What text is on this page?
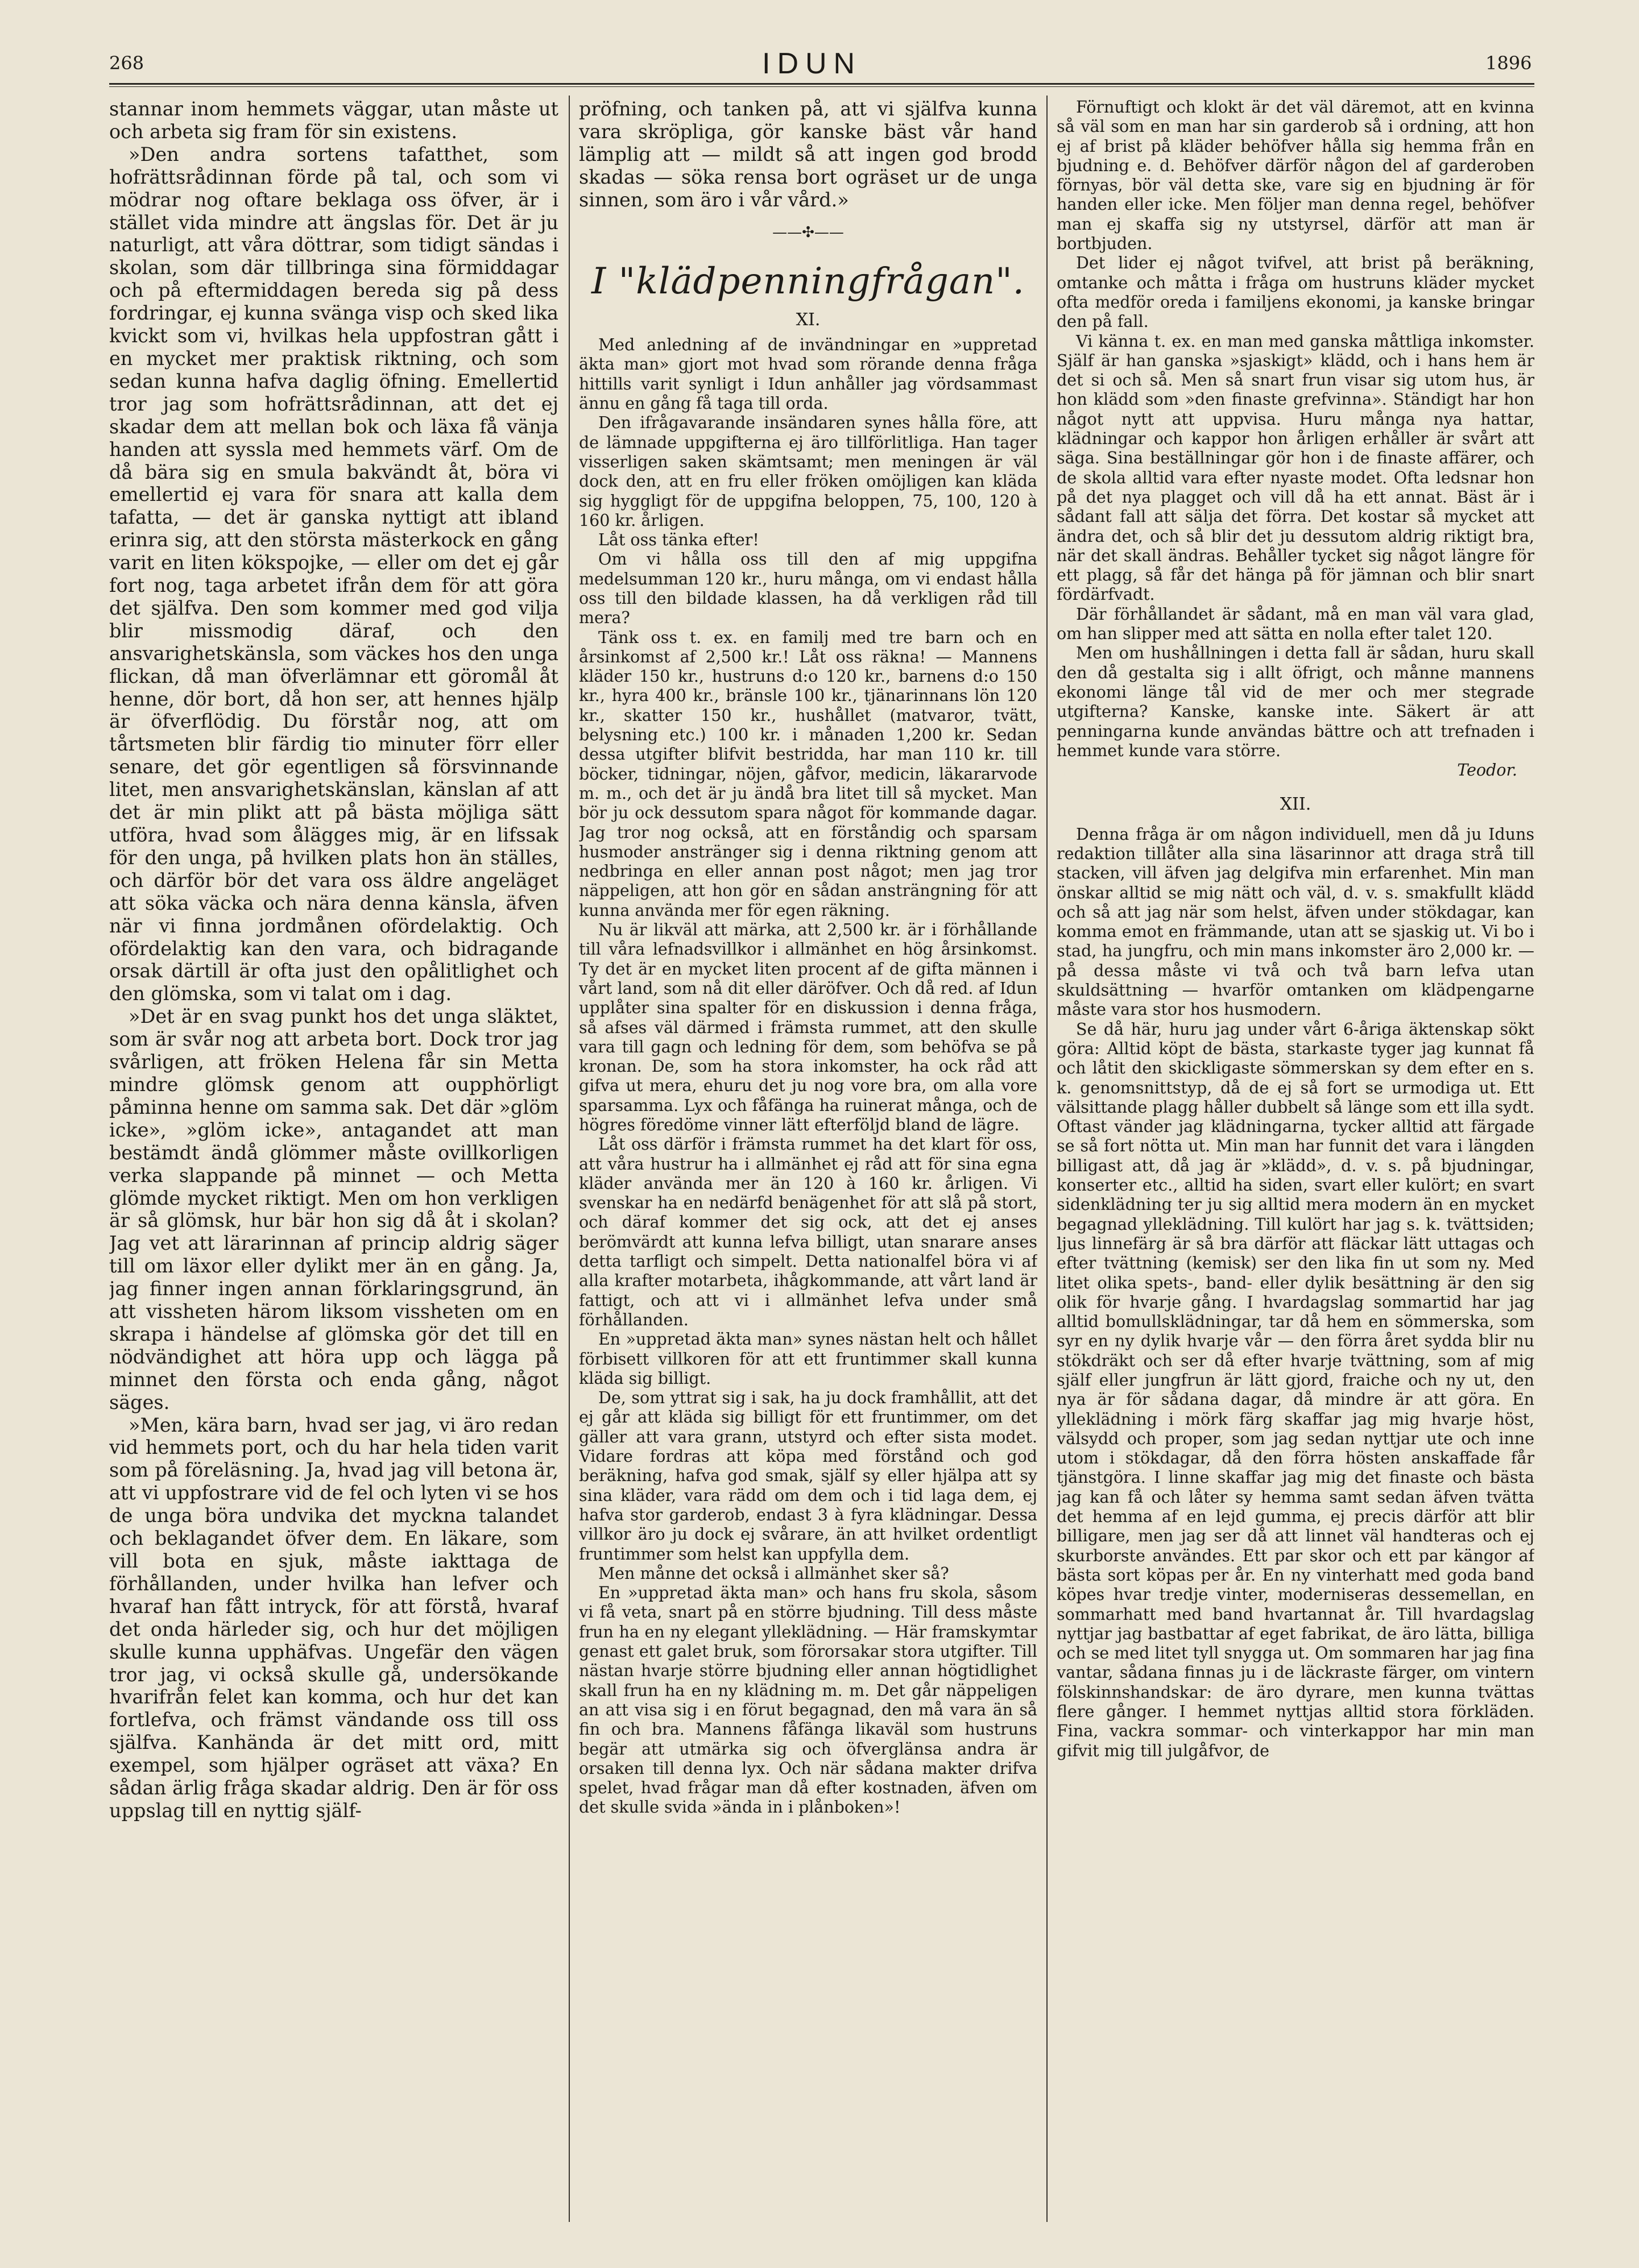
268	IDUN	1896

stannar inom hemmets väggar, utan måste ut och arbeta sig fram för sin existens.

»Den andra sortens tafatthet, som hofrättsrådinnan förde på tal, och som vi mödrar nog oftare beklaga oss öfver, är i stället vida mindre att ängslas för. Det är ju naturligt, att våra döttrar, som tidigt sändas i skolan, som där tillbringa sina förmiddagar och på eftermiddagen bereda sig på dess fordringar, ej kunna svänga visp och sked lika kvickt som vi, hvilkas hela uppfostran gått i en mycket mer praktisk riktning, och som sedan kunna hafva daglig öfning. Emellertid tror jag som hofrättsrådinnan, att det ej skadar dem att mellan bok och läxa få vänja handen att syssla med hemmets värf. Om de då bära sig en smula bakvändt åt, böra vi emellertid ej vara för snara att kalla dem tafatta, — det är ganska nyttigt att ibland erinra sig, att den största mästerkock en gång varit en liten kökspojke, — eller om det ej går fort nog, taga arbetet ifrån dem för att göra det själfva. Den som kommer med god vilja blir missmodig däraf, och den ansvarighetskänsla, som väckes hos den unga flickan, då man öfverlämnar ett göromål åt henne, dör bort, då hon ser, att hennes hjälp är öfverflödig. Du förstår nog, att om tårtsmeten blir färdig tio minuter förr eller senare, det gör egentligen så försvinnande litet, men ansvarighetskänslan, känslan af att det är min plikt att på bästa möjliga sätt utföra, hvad som ålägges mig, är en lifssak för den unga, på hvilken plats hon än ställes, och därför bör det vara oss äldre angeläget att söka väcka och nära denna känsla, äfven när vi finna jordmånen ofördelaktig. Och ofördelaktig kan den vara, och bidragande orsak därtill är ofta just den opålitlighet och den glömska, som vi talat om i dag.

»Det är en svag punkt hos det unga släktet, som är svår nog att arbeta bort. Dock tror jag svårligen, att fröken Helena får sin Metta mindre glömsk genom att oupphörligt påminna henne om samma sak. Det där »glöm icke», »glöm icke», antagandet att man bestämdt ändå glömmer måste ovillkorligen verka slappande på minnet — och Metta glömde mycket riktigt. Men om hon verkligen är så glömsk, hur bär hon sig då åt i skolan? Jag vet att lärarinnan af princip aldrig säger till om läxor eller dylikt mer än en gång. Ja, jag finner ingen annan förklaringsgrund, än att vissheten härom liksom vissheten om en skrapa i händelse af glömska gör det till en nödvändighet att höra upp och lägga på minnet den första och enda gång, något säges.

»Men, kära barn, hvad ser jag, vi äro redan vid hemmets port, och du har hela tiden varit som på föreläsning. Ja, hvad jag vill betona är, att vi uppfostrare vid de fel och lyten vi se hos de unga böra undvika det myckna talandet och beklagandet öfver dem. En läkare, som vill bota en sjuk, måste iakttaga de förhållanden, under hvilka han lefver och hvaraf han fått intryck, för att förstå, hvaraf det onda härleder sig, och hur det möjligen skulle kunna upphäfvas. Ungefär den vägen tror jag, vi också skulle gå, undersökande hvarifrån felet kan komma, och hur det kan fortlefva, och främst vändande oss till oss själfva. Kanhända är det mitt ord, mitt exempel, som hjälper ogräset att växa? En sådan ärlig fråga skadar aldrig. Den är för oss uppslag till en nyttig själf-

pröfning, och tanken på, att vi själfva kunna vara skröpliga, gör kanske bäst vår hand lämplig att — mildt så att ingen god brodd skadas — söka rensa bort ogräset ur de unga sinnen, som äro i vår vård.»

——✣——
I "klädpenningfrågan".
XI.

Med anledning af de invändningar en »uppretad äkta man» gjort mot hvad som rörande denna fråga hittills varit synligt i Idun anhåller jag vördsammast ännu en gång få taga till orda.

Den ifrågavarande insändaren synes hålla före, att de lämnade uppgifterna ej äro tillförlitliga. Han tager visserligen saken skämtsamt; men meningen är väl dock den, att en fru eller fröken omöjligen kan kläda sig hyggligt för de uppgifna beloppen, 75, 100, 120 à 160 kr. årligen.

Låt oss tänka efter!

Om vi hålla oss till den af mig uppgifna medelsumman 120 kr., huru många, om vi endast hålla oss till den bildade klassen, ha då verkligen råd till mera?

Tänk oss t. ex. en familj med tre barn och en årsinkomst af 2,500 kr.! Låt oss räkna! — Mannens kläder 150 kr., hustruns d:o 120 kr., barnens d:o 150 kr., hyra 400 kr., bränsle 100 kr., tjänarinnans lön 120 kr., skatter 150 kr., hushållet (matvaror, tvätt, belysning etc.) 100 kr. i månaden 1,200 kr. Sedan dessa utgifter blifvit bestridda, har man 110 kr. till böcker, tidningar, nöjen, gåfvor, medicin, läkararvode m. m., och det är ju ändå bra litet till så mycket. Man bör ju ock dessutom spara något för kommande dagar. Jag tror nog också, att en förståndig och sparsam husmoder anstränger sig i denna riktning genom att nedbringa en eller annan post något; men jag tror näppeligen, att hon gör en sådan ansträngning för att kunna använda mer för egen räkning.

Nu är likväl att märka, att 2,500 kr. är i förhållande till våra lefnadsvillkor i allmänhet en hög årsinkomst. Ty det är en mycket liten procent af de gifta männen i vårt land, som nå dit eller däröfver. Och då red. af Idun upplåter sina spalter för en diskussion i denna fråga, så afses väl därmed i främsta rummet, att den skulle vara till gagn och ledning för dem, som behöfva se på kronan. De, som ha stora inkomster, ha ock råd att gifva ut mera, ehuru det ju nog vore bra, om alla vore sparsamma. Lyx och fåfänga ha ruinerat många, och de högres föredöme vinner lätt efterföljd bland de lägre.

Låt oss därför i främsta rummet ha det klart för oss, att våra hustrur ha i allmänhet ej råd att för sina egna kläder använda mer än 120 à 160 kr. årligen. Vi svenskar ha en nedärfd benägenhet för att slå på stort, och däraf kommer det sig ock, att det ej anses berömvärdt att kunna lefva billigt, utan snarare anses detta tarfligt och simpelt. Detta nationalfel böra vi af alla krafter motarbeta, ihågkommande, att vårt land är fattigt, och att vi i allmänhet lefva under små förhållanden.

En »uppretad äkta man» synes nästan helt och hållet förbisett villkoren för att ett fruntimmer skall kunna kläda sig billigt.

De, som yttrat sig i sak, ha ju dock framhållit, att det ej går att kläda sig billigt för ett fruntimmer, om det gäller att vara grann, utstyrd och efter sista modet. Vidare fordras att köpa med förstånd och god beräkning, hafva god smak, själf sy eller hjälpa att sy sina kläder, vara rädd om dem och i tid laga dem, ej hafva stor garderob, endast 3 à fyra klädningar. Dessa villkor äro ju dock ej svårare, än att hvilket ordentligt fruntimmer som helst kan uppfylla dem.

Men månne det också i allmänhet sker så?

En »uppretad äkta man» och hans fru skola, såsom vi få veta, snart på en större bjudning. Till dess måste frun ha en ny elegant ylleklädning. — Här framskymtar genast ett galet bruk, som förorsakar stora utgifter. Till nästan hvarje större bjudning eller annan högtidlighet skall frun ha en ny klädning m. m. Det går näppeligen an att visa sig i en förut begagnad, den må vara än så fin och bra. Mannens fåfänga likaväl som hustruns begär att utmärka sig och öfverglänsa andra är orsaken till denna lyx. Och när sådana makter drifva spelet, hvad frågar man då efter kostnaden, äfven om det skulle svida »ända in i plånboken»!

Förnuftigt och klokt är det väl däremot, att en kvinna så väl som en man har sin garderob så i ordning, att hon ej af brist på kläder behöfver hålla sig hemma från en bjudning e. d. Behöfver därför någon del af garderoben förnyas, bör väl detta ske, vare sig en bjudning är för handen eller icke. Men följer man denna regel, behöfver man ej skaffa sig ny utstyrsel, därför att man är bortbjuden.

Det lider ej något tvifvel, att brist på beräkning, omtanke och måtta i fråga om hustruns kläder mycket ofta medför oreda i familjens ekonomi, ja kanske bringar den på fall.

Vi känna t. ex. en man med ganska måttliga inkomster. Själf är han ganska »sjaskigt» klädd, och i hans hem är det si och så. Men så snart frun visar sig utom hus, är hon klädd som »den finaste grefvinna». Ständigt har hon något nytt att uppvisa. Huru många nya hattar, klädningar och kappor hon årligen erhåller är svårt att säga. Sina beställningar gör hon i de finaste affärer, och de skola alltid vara efter nyaste modet. Ofta ledsnar hon på det nya plagget och vill då ha ett annat. Bäst är i sådant fall att sälja det förra. Det kostar så mycket att ändra det, och så blir det ju dessutom aldrig riktigt bra, när det skall ändras. Behåller tycket sig något längre för ett plagg, så får det hänga på för jämnan och blir snart fördärfvadt.

Där förhållandet är sådant, må en man väl vara glad, om han slipper med att sätta en nolla efter talet 120.

Men om hushållningen i detta fall är sådan, huru skall den då gestalta sig i allt öfrigt, och månne mannens ekonomi länge tål vid de mer och mer stegrade utgifterna? Kanske, kanske inte. Säkert är att penningarna kunde användas bättre och att trefnaden i hemmet kunde vara större.

Teodor.

XII.

Denna fråga är om någon individuell, men då ju Iduns redaktion tillåter alla sina läsarinnor att draga strå till stacken, vill äfven jag delgifva min erfarenhet. Min man önskar alltid se mig nätt och väl, d. v. s. smakfullt klädd och så att jag när som helst, äfven under stökdagar, kan komma emot en främmande, utan att se sjaskig ut. Vi bo i stad, ha jungfru, och min mans inkomster äro 2,000 kr. — på dessa måste vi två och två barn lefva utan skuldsättning — hvarför omtanken om klädpengarne måste vara stor hos husmodern.

Se då här, huru jag under vårt 6-åriga äktenskap sökt göra: Alltid köpt de bästa, starkaste tyger jag kunnat få och låtit den skickligaste sömmerskan sy dem efter en s. k. genomsnittstyp, då de ej så fort se urmodiga ut. Ett välsittande plagg håller dubbelt så länge som ett illa sydt. Oftast vänder jag klädningarna, tycker alltid att färgade se så fort nötta ut. Min man har funnit det vara i längden billigast att, då jag är »klädd», d. v. s. på bjudningar, konserter etc., alltid ha siden, svart eller kulört; en svart sidenklädning ter ju sig alltid mera modern än en mycket begagnad ylleklädning. Till kulört har jag s. k. tvättsiden; ljus linnefärg är så bra därför att fläckar lätt uttagas och efter tvättning (kemisk) ser den lika fin ut som ny. Med litet olika spets-, band- eller dylik besättning är den sig olik för hvarje gång. I hvardagslag sommartid har jag alltid bomullsklädningar, tar då hem en sömmerska, som syr en ny dylik hvarje vår — den förra året sydda blir nu stökdräkt och ser då efter hvarje tvättning, som af mig själf eller jungfrun är lätt gjord, fraiche och ny ut, den nya är för sådana dagar, då mindre är att göra. En ylleklädning i mörk färg skaffar jag mig hvarje höst, välsydd och proper, som jag sedan nyttjar ute och inne utom i stökdagar, då den förra hösten anskaffade får tjänstgöra. I linne skaffar jag mig det finaste och bästa jag kan få och låter sy hemma samt sedan äfven tvätta det hemma af en lejd gumma, ej precis därför att blir billigare, men jag ser då att linnet väl handteras och ej skurborste användes. Ett par skor och ett par kängor af bästa sort köpas per år. En ny vinterhatt med goda band köpes hvar tredje vinter, moderniseras dessemellan, en sommarhatt med band hvartannat år. Till hvardagslag nyttjar jag bastbattar af eget fabrikat, de äro lätta, billiga och se med litet tyll snygga ut. Om sommaren har jag fina vantar, sådana finnas ju i de läckraste färger, om vintern fölskinnshandskar: de äro dyrare, men kunna tvättas flere gånger. I hemmet nyttjas alltid stora förkläden. Fina, vackra sommar- och vinterkappor har min man gifvit mig till julgåfvor, de
